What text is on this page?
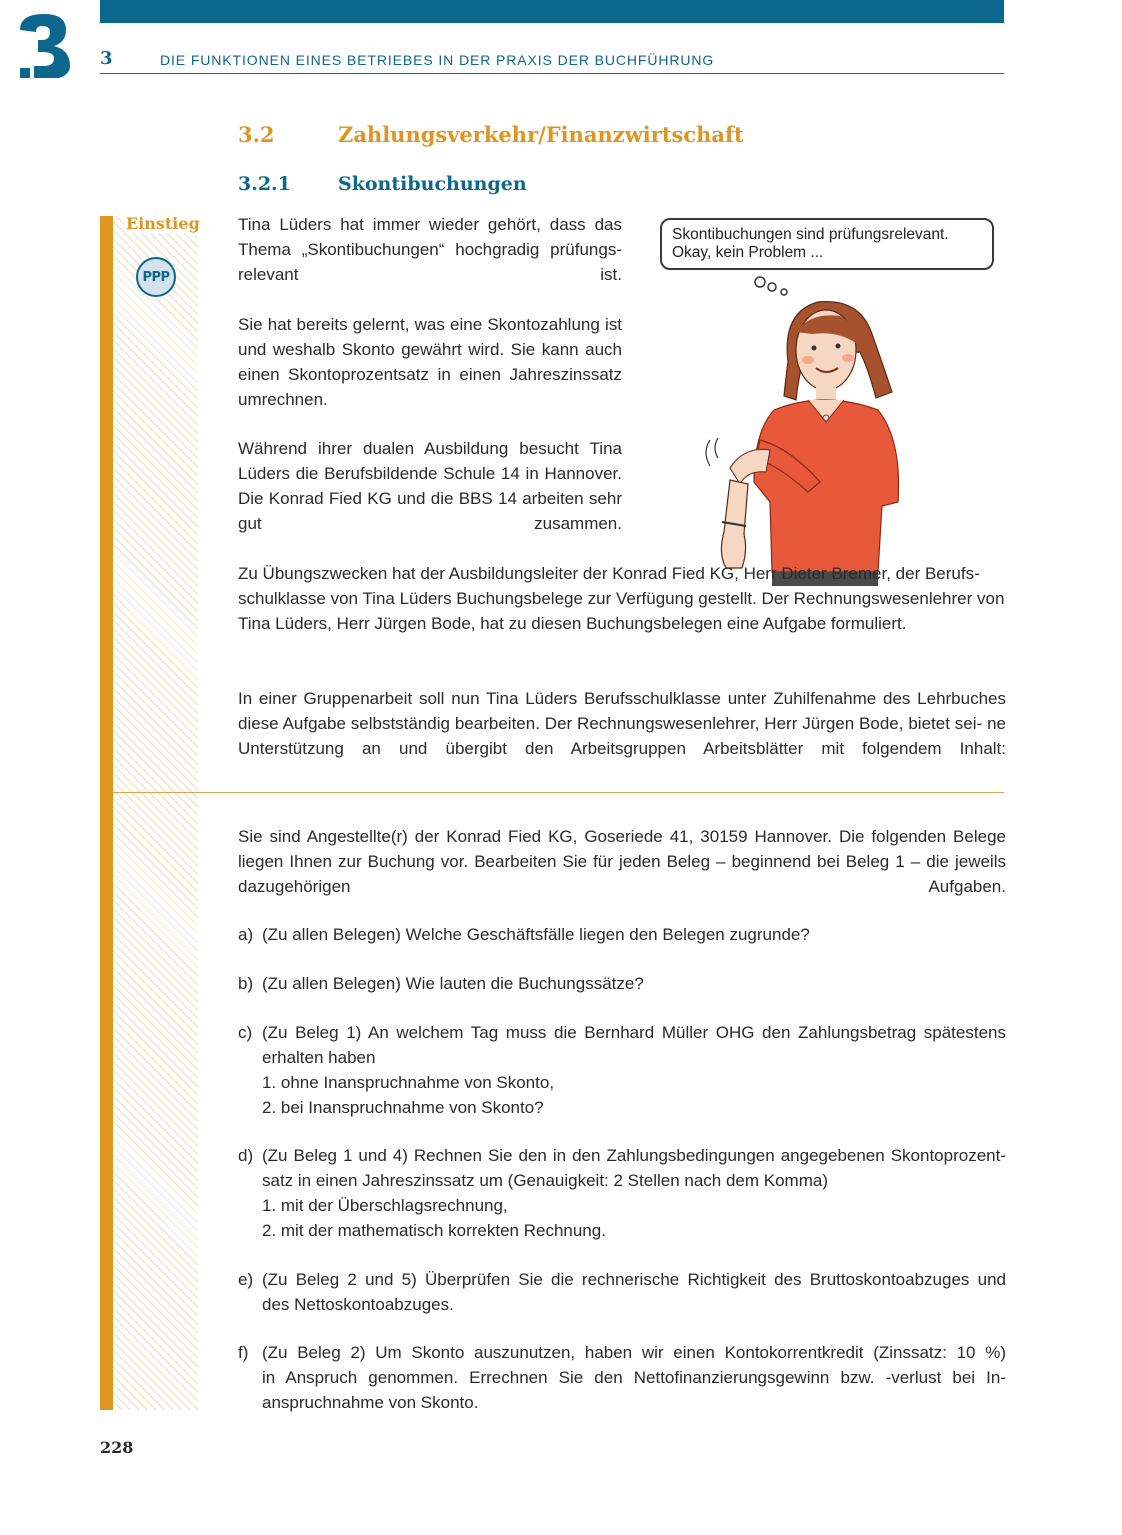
3	DIE FUNKTIONEN EINES BETRIEBES IN DER PRAXIS DER BUCHFÜHRUNG
3.2	Zahlungsverkehr/Finanzwirtschaft
3.2.1 Skontibuchungen
Einstieg
PPP
Skontibuchungen sind prüfungsrelevant.
Okay, kein Problem ...

Tina Lüders hat immer wieder gehört, dass das Thema „Skontibuchungen“ hochgradig prüfungs- relevant ist.

Sie hat bereits gelernt, was eine Skontozahlung ist und weshalb Skonto gewährt wird. Sie kann auch einen Skontoprozentsatz in einen Jahreszinssatz umrechnen.

Während ihrer dualen Ausbildung besucht Tina Lüders die Berufsbildende Schule 14 in Hannover. Die Konrad Fied KG und die BBS 14 arbeiten sehr gut zusammen.

Zu Übungszwecken hat der Ausbildungsleiter der Konrad Fied KG, Herr Dieter Bremer, der Berufs- schulklasse von Tina Lüders Buchungsbelege zur Verfügung gestellt. Der Rechnungswesenlehrer von Tina Lüders, Herr Jürgen Bode, hat zu diesen Buchungsbelegen eine Aufgabe formuliert.

In einer Gruppenarbeit soll nun Tina Lüders Berufsschulklasse unter Zuhilfenahme des Lehrbuches diese Aufgabe selbstständig bearbeiten. Der Rechnungswesenlehrer, Herr Jürgen Bode, bietet sei- ne Unterstützung an und übergibt den Arbeitsgruppen Arbeitsblätter mit folgendem Inhalt:

Sie sind Angestellte(r) der Konrad Fied KG, Goseriede 41, 30159 Hannover. Die folgenden Belege liegen Ihnen zur Buchung vor. Bearbeiten Sie für jeden Beleg – beginnend bei Beleg 1 – die jeweils dazugehörigen Aufgaben.

a) (Zu allen Belegen) Welche Geschäftsfälle liegen den Belegen zugrunde?
b) (Zu allen Belegen) Wie lauten die Buchungssätze?
c) (Zu Beleg 1) An welchem Tag muss die Bernhard Müller OHG den Zahlungsbetrag spätestens
erhalten haben
1. ohne Inanspruchnahme von Skonto,
2. bei Inanspruchnahme von Skonto?
d) (Zu Beleg 1 und 4) Rechnen Sie den in den Zahlungsbedingungen angegebenen Skontoprozent-
satz in einen Jahreszinssatz um (Genauigkeit: 2 Stellen nach dem Komma)
1. mit der Überschlagsrechnung,
2. mit der mathematisch korrekten Rechnung.
e) (Zu Beleg 2 und 5) Überprüfen Sie die rechnerische Richtigkeit des Bruttoskontoabzuges und
des Nettoskontoabzuges.
f) (Zu Beleg 2) Um Skonto auszunutzen, haben wir einen Kontokorrentkredit (Zinssatz: 10 %)
in Anspruch genommen. Errechnen Sie den Nettofinanzierungsgewinn bzw. -verlust bei In-
anspruchnahme von Skonto.
228
